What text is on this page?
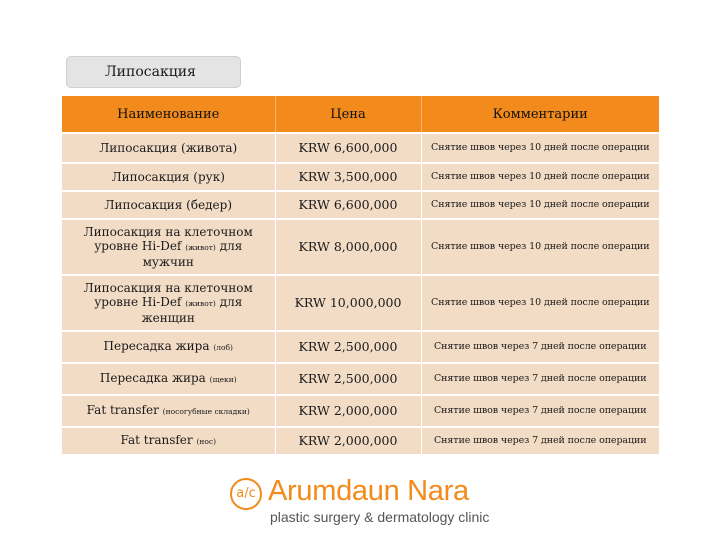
Липосакция
Наименование	Цена	Комментарии
Липосакция (живота)	KRW 6,600,000	Снятие швов через 10 дней после операции
Липосакция (рук)	KRW 3,500,000	Снятие швов через 10 дней после операции
Липосакция (бедер)	KRW 6,600,000	Снятие швов через 10 дней после операции
Липосакция на клеточном
уровне Hi-Def (живот) для
мужчин	KRW 8,000,000	Снятие швов через 10 дней после операции
Липосакция на клеточном
уровне Hi-Def (живот) для
женщин	KRW 10,000,000	Снятие швов через 10 дней после операции
Пересадка жира (лоб)	KRW 2,500,000	Снятие швов через 7 дней после операции
Пересадка жира (щеки)	KRW 2,500,000	Снятие швов через 7 дней после операции
Fat transfer (носогубные складки)	KRW 2,000,000	Снятие швов через 7 дней после операции
Fat transfer (нос)	KRW 2,000,000	Снятие швов через 7 дней после операции
a/c Arumdaun Nara
plastic surgery & dermatology clinic
